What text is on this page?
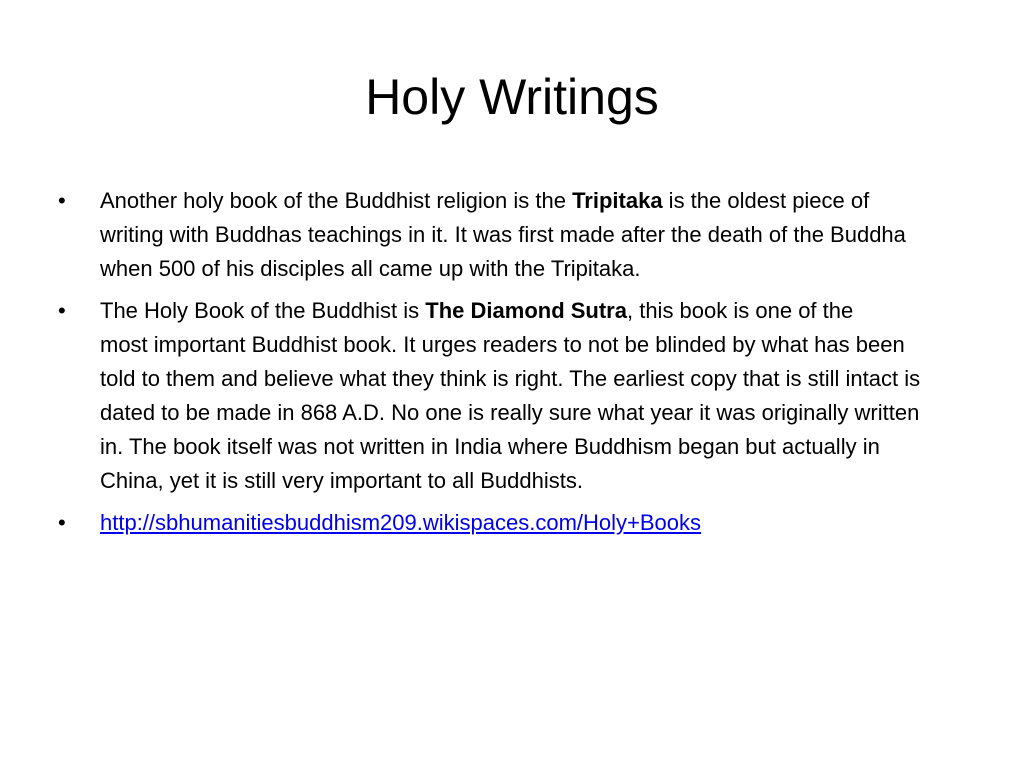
Holy Writings
•	Another holy book of the Buddhist religion is the Tripitaka is the oldest piece of writing with Buddhas teachings in it. It was first made after the death of the Buddha when 500 of his disciples all came up with the Tripitaka.
•	The Holy Book of the Buddhist is The Diamond Sutra, this book is one of the
most important Buddhist book. It urges readers to not be blinded by what has been told to them and believe what they think is right. The earliest copy that is still intact is dated to be made in 868 A.D. No one is really sure what year it was originally written in. The book itself was not written in India where Buddhism began but actually in China, yet it is still very important to all Buddhists.
•	http://sbhumanitiesbuddhism209.wikispaces.com/Holy+Books
